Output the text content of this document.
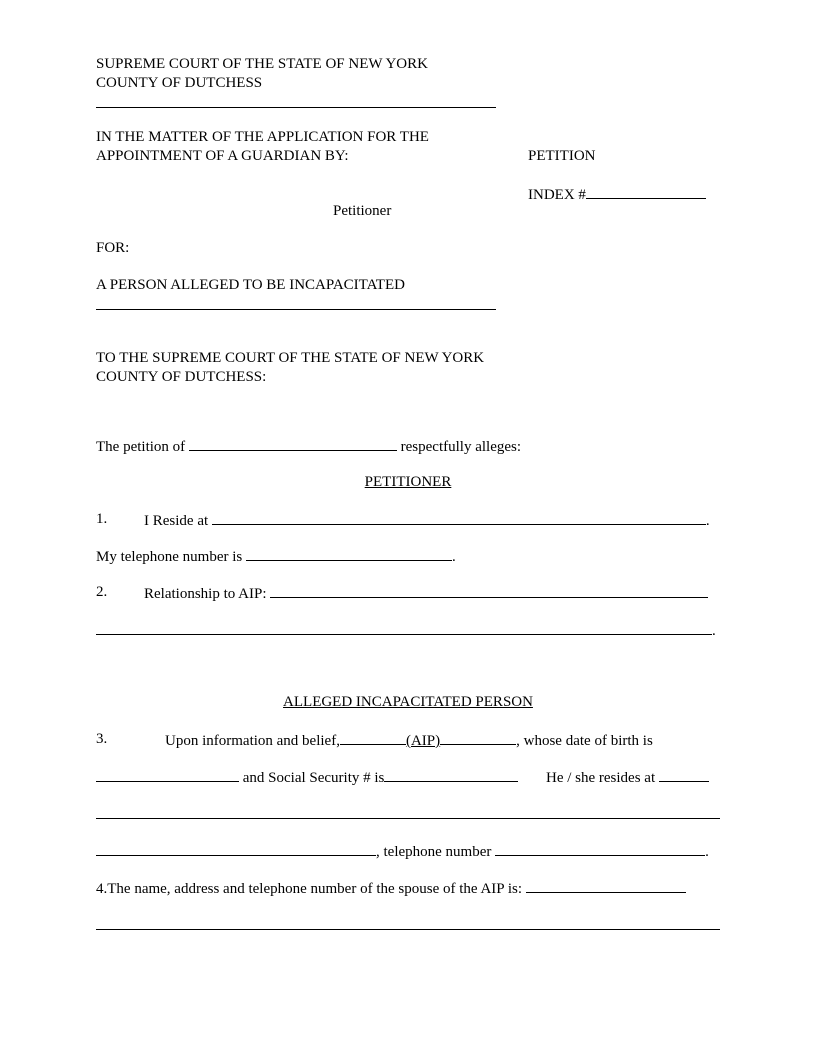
SUPREME COURT OF THE STATE OF NEW YORK
COUNTY OF DUTCHESS
IN THE MATTER OF THE APPLICATION FOR THE
APPOINTMENT OF A GUARDIAN BY:	PETITION
INDEX #
Petitioner
FOR:
A PERSON ALLEGED TO BE INCAPACITATED
TO THE SUPREME COURT OF THE STATE OF NEW YORK
COUNTY OF DUTCHESS:
The petition of	respectfully alleges:
PETITIONER
1. I Reside at	.
My telephone number is	.
2. Relationship to AIP:
.
ALLEGED INCAPACITATED PERSON
3.	Upon information and belief,	(AIP)	, whose date of birth is
and Social Security # is	He / she resides at
, telephone number	.
4.The name, address and telephone number of the spouse of the AIP is:
